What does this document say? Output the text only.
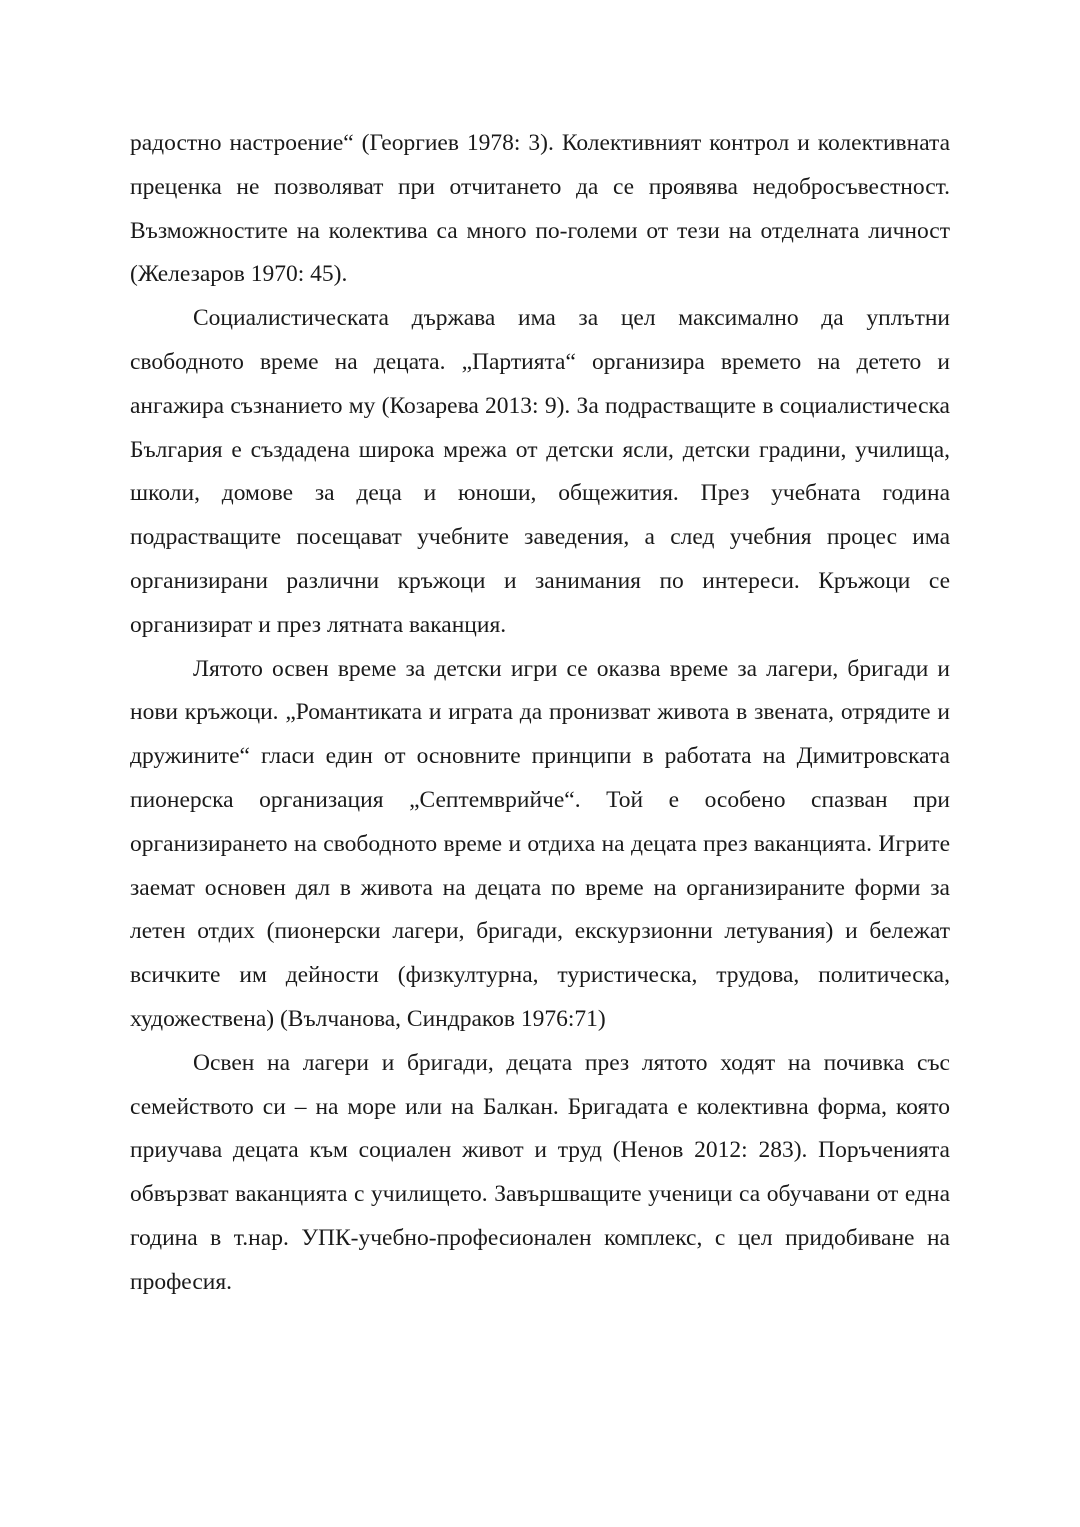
радостно настроение“ (Георгиев 1978: 3). Колективният контрол и колективната преценка не позволяват при отчитането да се проявява недобросъвестност. Възможностите на колектива са много по-големи от тези на отделната личност (Железаров 1970: 45).

Социалистическата държава има за цел максимално да уплътни свободното време на децата. „Партията“ организира времето на детето и ангажира съзнанието му (Козарева 2013: 9). За подрастващите в социалистическа България е създадена широка мрежа от детски ясли, детски градини, училища, школи, домове за деца и юноши, общежития. През учебната година подрастващите посещават учебните заведения, а след учебния процес има организирани различни кръжоци и занимания по интереси. Кръжоци се организират и през лятната ваканция.

Лятото освен време за детски игри се оказва време за лагери, бригади и нови кръжоци. „Романтиката и играта да пронизват живота в звената, отрядите и дружините“ гласи един от основните принципи в работата на Димитровската пионерска организация „Септемврийче“. Той е особено спазван при организирането на свободното време и отдиха на децата през ваканцията. Игрите заемат основен дял в живота на децата по време на организираните форми за летен отдих (пионерски лагери, бригади, екскурзионни летувания) и бележат всичките им дейности (физкултурна, туристическа, трудова, политическа, художествена) (Вълчанова, Синдраков 1976:71)

Освен на лагери и бригади, децата през лятото ходят на почивка със семейството си – на море или на Балкан. Бригадата е колективна форма, която приучава децата към социален живот и труд (Ненов 2012: 283). Поръченията обвързват ваканцията с училището. Завършващите ученици са обучавани от една година в т.нар. УПК-учебно-професионален комплекс, с цел придобиване на професия.
